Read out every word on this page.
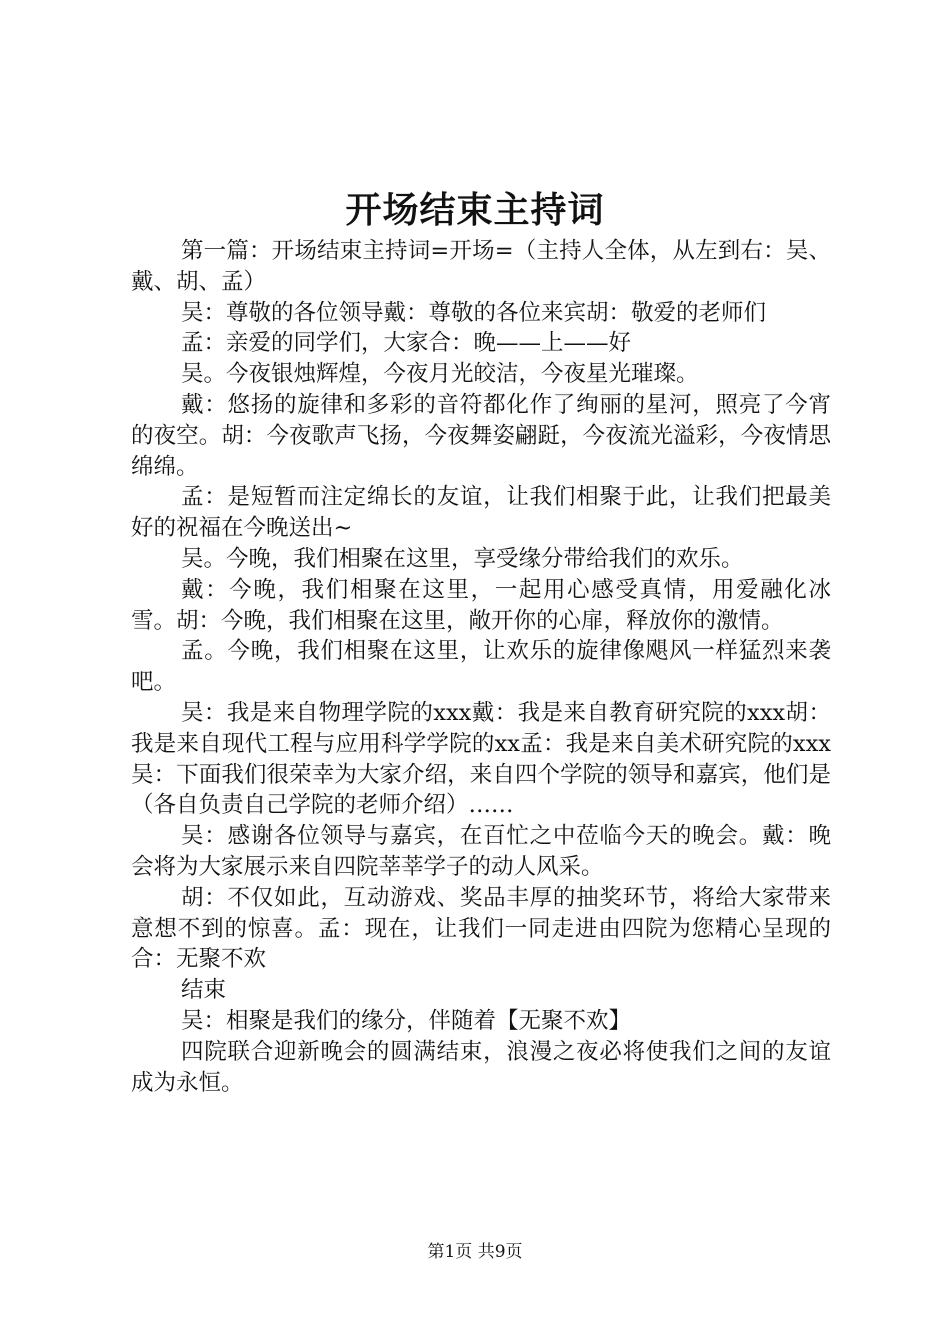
开场结束主持词

第一篇：开场结束主持词=开场=（主持人全体，从左到右：吴、戴、胡、孟）

吴：尊敬的各位领导戴：尊敬的各位来宾胡：敬爱的老师们

孟：亲爱的同学们，大家合：晚——上——好

吴。今夜银烛辉煌，今夜月光皎洁，今夜星光璀璨。

戴：悠扬的旋律和多彩的音符都化作了绚丽的星河，照亮了今宵的夜空。胡：今夜歌声飞扬，今夜舞姿翩跹，今夜流光溢彩，今夜情思绵绵。

孟：是短暂而注定绵长的友谊，让我们相聚于此，让我们把最美好的祝福在今晚送出~

吴。今晚，我们相聚在这里，享受缘分带给我们的欢乐。

戴：今晚，我们相聚在这里，一起用心感受真情，用爱融化冰雪。胡：今晚，我们相聚在这里，敞开你的心扉，释放你的激情。

孟。今晚，我们相聚在这里，让欢乐的旋律像飓风一样猛烈来袭吧。

吴：我是来自物理学院的xxx戴：我是来自教育研究院的xxx胡：我是来自现代工程与应用科学学院的xx孟：我是来自美术研究院的xxx吴：下面我们很荣幸为大家介绍，来自四个学院的领导和嘉宾，他们是（各自负责自己学院的老师介绍）……

吴：感谢各位领导与嘉宾，在百忙之中莅临今天的晚会。戴：晚会将为大家展示来自四院莘莘学子的动人风采。

胡：不仅如此，互动游戏、奖品丰厚的抽奖环节，将给大家带来意想不到的惊喜。孟：现在，让我们一同走进由四院为您精心呈现的合：无聚不欢

结束

吴：相聚是我们的缘分，伴随着【无聚不欢】

四院联合迎新晚会的圆满结束，浪漫之夜必将使我们之间的友谊成为永恒。

第1页 共9页
